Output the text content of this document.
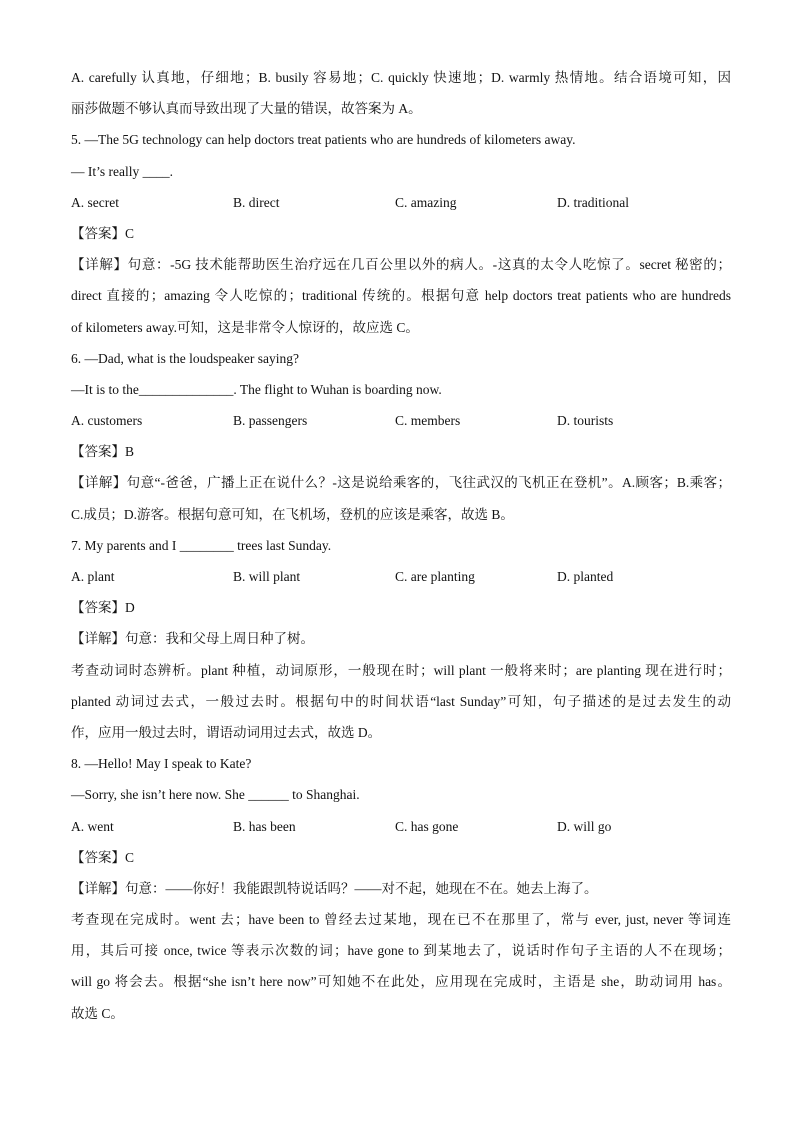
A. carefully 认真地，仔细地；B. busily 容易地；C. quickly 快速地；D. warmly 热情地。结合语境可知，因
丽莎做题不够认真而导致出现了大量的错误，故答案为 A。
5. —The 5G technology can help doctors treat patients who are hundreds of kilometers away.
— It’s really ____.
A. secret	B. direct	C. amazing	D. traditional
【答案】C
【详解】句意：-5G 技术能帮助医生治疗远在几百公里以外的病人。-这真的太令人吃惊了。secret 秘密的；
direct 直接的；amazing 令人吃惊的；traditional 传统的。根据句意 help doctors treat patients who are hundreds
of kilometers away.可知，这是非常令人惊讶的，故应选 C。
6. —Dad, what is the loudspeaker saying?
—It is to the______________. The flight to Wuhan is boarding now.
A. customers	B. passengers	C. members	D. tourists
【答案】B
【详解】句意“-爸爸，广播上正在说什么？-这是说给乘客的，飞往武汉的飞机正在登机”。A.顾客；B.乘客；
C.成员；D.游客。根据句意可知，在飞机场，登机的应该是乘客，故选 B。
7. My parents and I ________ trees last Sunday.
A. plant	B. will plant	C. are planting	D. planted
【答案】D
【详解】句意：我和父母上周日种了树。
考查动词时态辨析。plant 种植，动词原形，一般现在时；will plant 一般将来时；are planting 现在进行时；
planted 动词过去式，一般过去时。根据句中的时间状语“last Sunday”可知，句子描述的是过去发生的动
作，应用一般过去时，谓语动词用过去式，故选 D。
8. —Hello! May I speak to Kate?
—Sorry, she isn’t here now. She ______ to Shanghai.
A. went	B. has been	C. has gone	D. will go
【答案】C
【详解】句意：——你好！我能跟凯特说话吗？——对不起，她现在不在。她去上海了。
考查现在完成时。went 去；have been to 曾经去过某地，现在已不在那里了，常与 ever, just, never 等词连
用，其后可接 once, twice 等表示次数的词；have gone to 到某地去了，说话时作句子主语的人不在现场；
will go 将会去。根据“she isn’t here now”可知她不在此处，应用现在完成时，主语是 she，助动词用 has。
故选 C。
